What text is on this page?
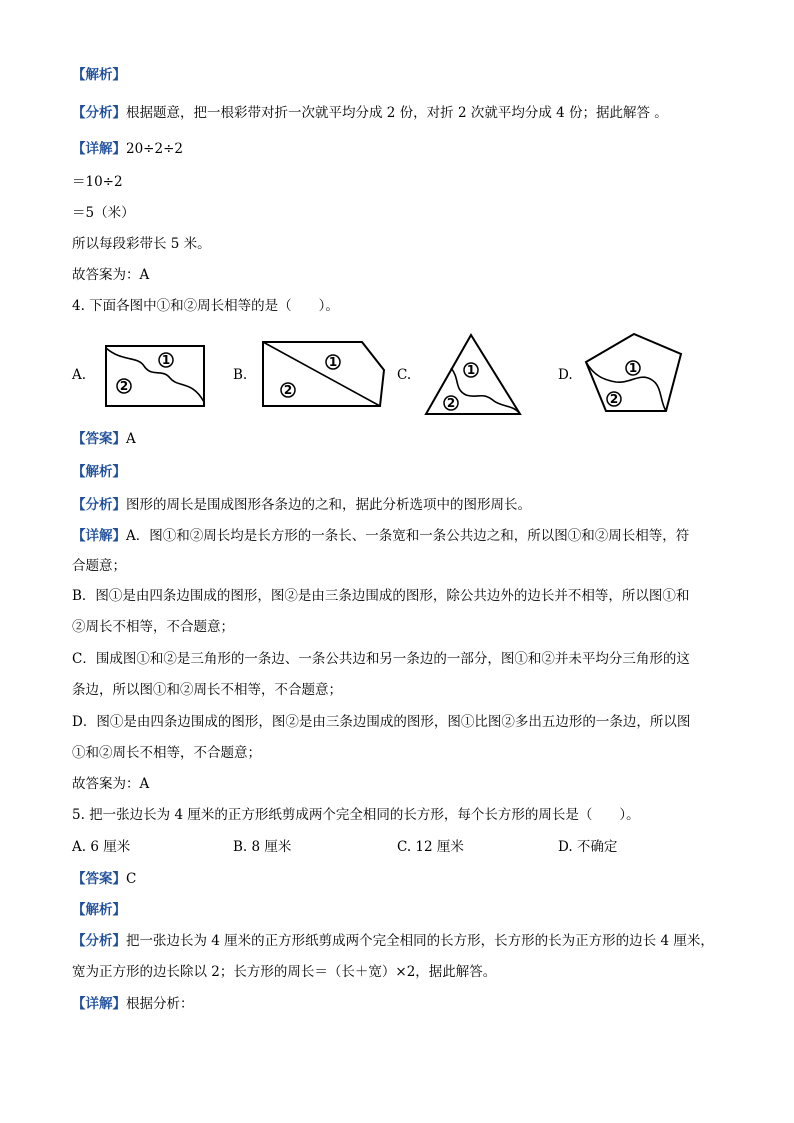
【解析】
【分析】根据题意，把一根彩带对折一次就平均分成 2 份，对折 2 次就平均分成 4 份；据此解答 。
【详解】20÷2÷2
＝10÷2
＝5（米）
所以每段彩带长 5 米。
故答案为：A
4. 下面各图中①和②周长相等的是（　　）。
A.
1
2
B.
1
2
C.	1
2
D.	1
2
【答案】A
【解析】
【分析】图形的周长是围成图形各条边的之和，据此分析选项中的图形周长。
【详解】A．图①和②周长均是长方形的一条长、一条宽和一条公共边之和，所以图①和②周长相等，符
合题意；
B．图①是由四条边围成的图形，图②是由三条边围成的图形，除公共边外的边长并不相等，所以图①和
②周长不相等，不合题意；
C．围成图①和②是三角形的一条边、一条公共边和另一条边的一部分，图①和②并未平均分三角形的这
条边，所以图①和②周长不相等，不合题意；
D．图①是由四条边围成的图形，图②是由三条边围成的图形，图①比图②多出五边形的一条边，所以图
①和②周长不相等，不合题意；
故答案为：A
5. 把一张边长为 4 厘米的正方形纸剪成两个完全相同的长方形，每个长方形的周长是（　　）。
A. 6 厘米	B. 8 厘米	C. 12 厘米	D. 不确定
【答案】C
【解析】
【分析】把一张边长为 4 厘米的正方形纸剪成两个完全相同的长方形，长方形的长为正方形的边长 4 厘米，
宽为正方形的边长除以 2；长方形的周长＝（长＋宽）×2，据此解答。
【详解】根据分析：
